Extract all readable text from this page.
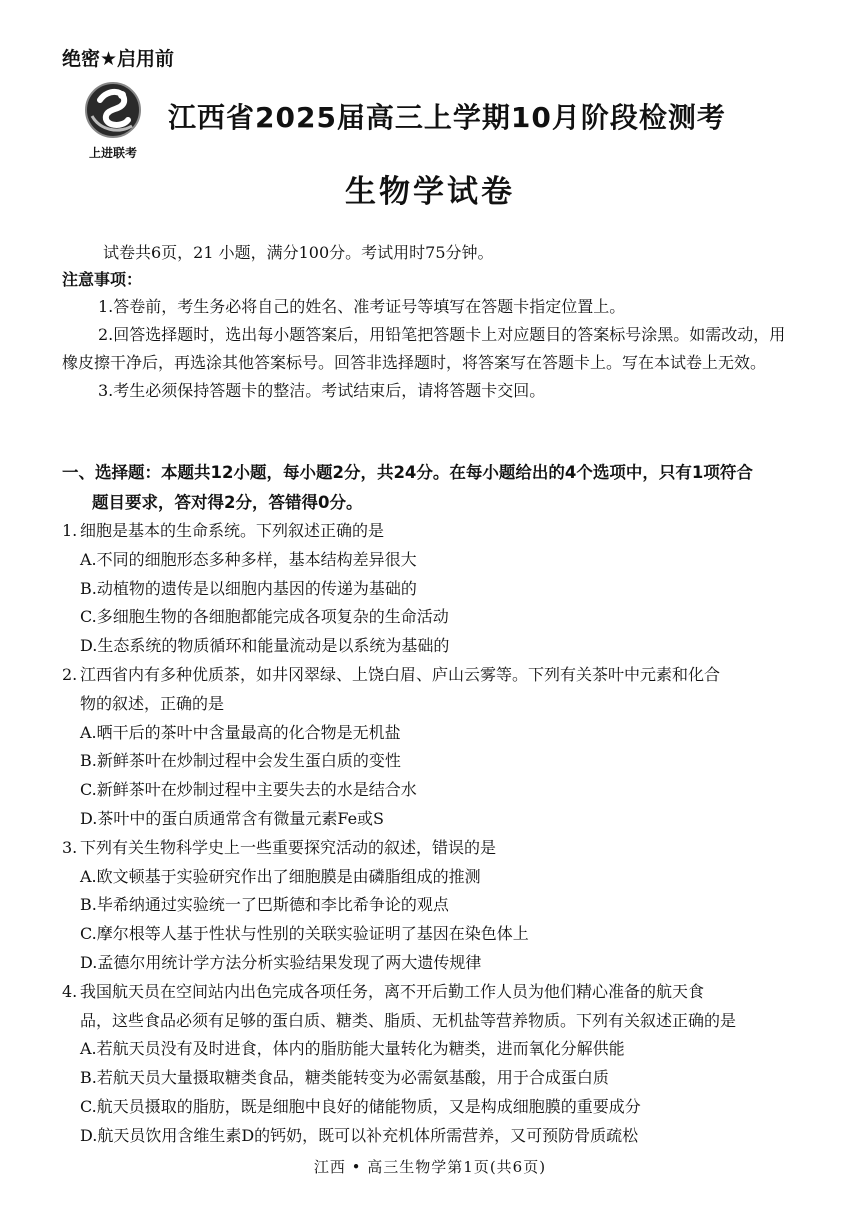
绝密★启用前
上进联考
江西省2025届高三上学期10月阶段检测考
生物学试卷
试卷共6页，21 小题，满分100分。考试用时75分钟。
注意事项：

1.答卷前，考生务必将自己的姓名、准考证号等填写在答题卡指定位置上。

2.回答选择题时，选出每小题答案后，用铅笔把答题卡上对应题目的答案标号涂黑。如需改动，用橡皮擦干净后，再选涂其他答案标号。回答非选择题时，将答案写在答题卡上。写在本试卷上无效。

3.考生必须保持答题卡的整洁。考试结束后，请将答题卡交回。

一、选择题：本题共12小题，每小题2分，共24分。在每小题给出的4个选项中，只有1项符合
题目要求，答对得2分，答错得0分。

1. 细胞是基本的生命系统。下列叙述正确的是

A.不同的细胞形态多种多样，基本结构差异很大

B.动植物的遗传是以细胞内基因的传递为基础的

C.多细胞生物的各细胞都能完成各项复杂的生命活动

D.生态系统的物质循环和能量流动是以系统为基础的

2. 江西省内有多种优质茶，如井冈翠绿、上饶白眉、庐山云雾等。下列有关茶叶中元素和化合

物的叙述，正确的是

A.晒干后的茶叶中含量最高的化合物是无机盐

B.新鲜茶叶在炒制过程中会发生蛋白质的变性

C.新鲜茶叶在炒制过程中主要失去的水是结合水

D.茶叶中的蛋白质通常含有微量元素Fe或S

3. 下列有关生物科学史上一些重要探究活动的叙述，错误的是

A.欧文顿基于实验研究作出了细胞膜是由磷脂组成的推测

B.毕希纳通过实验统一了巴斯德和李比希争论的观点

C.摩尔根等人基于性状与性别的关联实验证明了基因在染色体上

D.孟德尔用统计学方法分析实验结果发现了两大遗传规律

4. 我国航天员在空间站内出色完成各项任务，离不开后勤工作人员为他们精心准备的航天食

品，这些食品必须有足够的蛋白质、糖类、脂质、无机盐等营养物质。下列有关叙述正确的是

A.若航天员没有及时进食，体内的脂肪能大量转化为糖类，进而氧化分解供能

B.若航天员大量摄取糖类食品，糖类能转变为必需氨基酸，用于合成蛋白质

C.航天员摄取的脂肪，既是细胞中良好的储能物质，又是构成细胞膜的重要成分

D.航天员饮用含维生素D的钙奶，既可以补充机体所需营养，又可预防骨质疏松

江西 • 高三生物学第1页(共6页)
